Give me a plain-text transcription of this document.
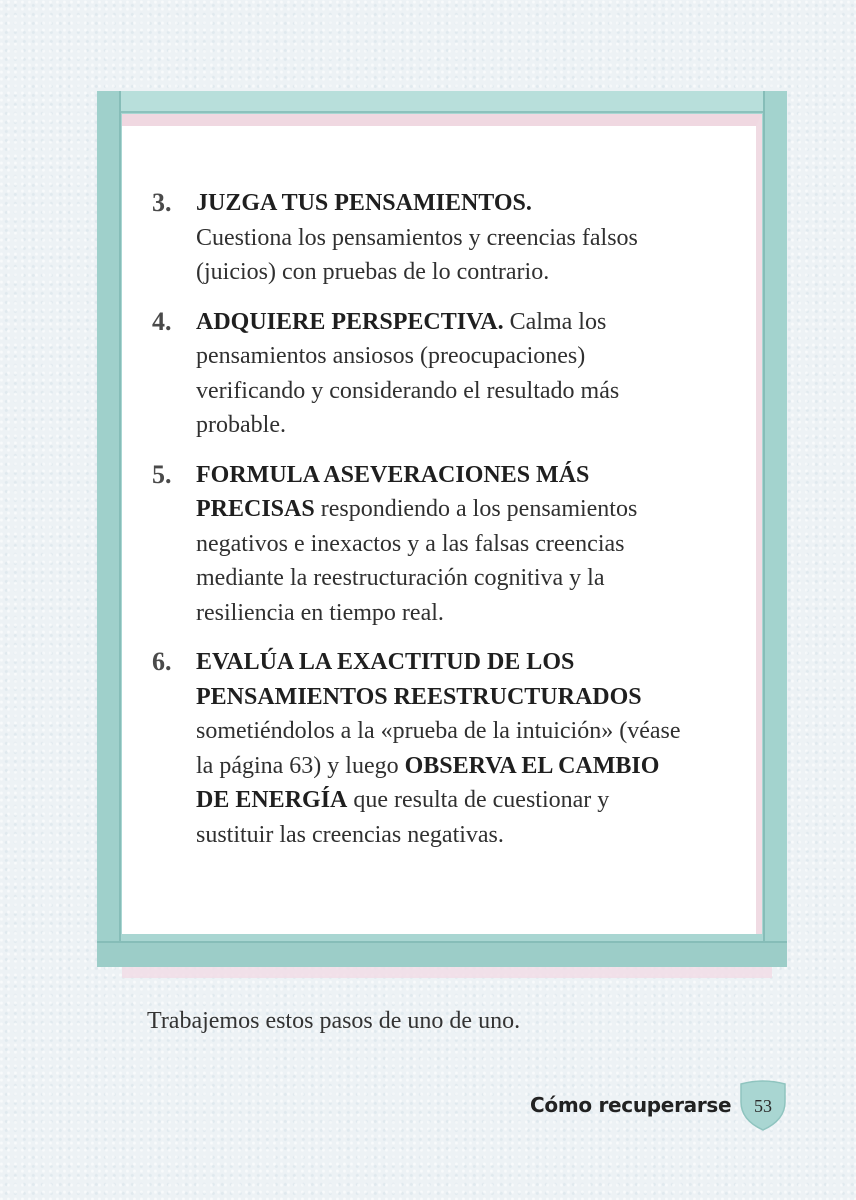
3. JUZGA TUS PENSAMIENTOS.
Cuestiona los pensamientos y creencias falsos (juicios) con pruebas de lo contrario.
4. ADQUIERE PERSPECTIVA. Calma los pensamientos ansiosos (preocupaciones) verificando y considerando el resultado más probable.
5. FORMULA ASEVERACIONES MÁS PRECISAS respondiendo a los pensamientos negativos e inexactos y a las falsas creencias mediante la reestructuración cognitiva y la resiliencia en tiempo real.
6. EVALÚA LA EXACTITUD DE LOS PENSAMIENTOS REESTRUCTURADOS sometiéndolos a la «prueba de la intuición» (véase la página 63) y luego OBSERVA EL CAMBIO DE ENERGÍA que resulta de cuestionar y sustituir las creencias negativas.
Trabajemos estos pasos de uno de uno.
Cómo recuperarse	53
